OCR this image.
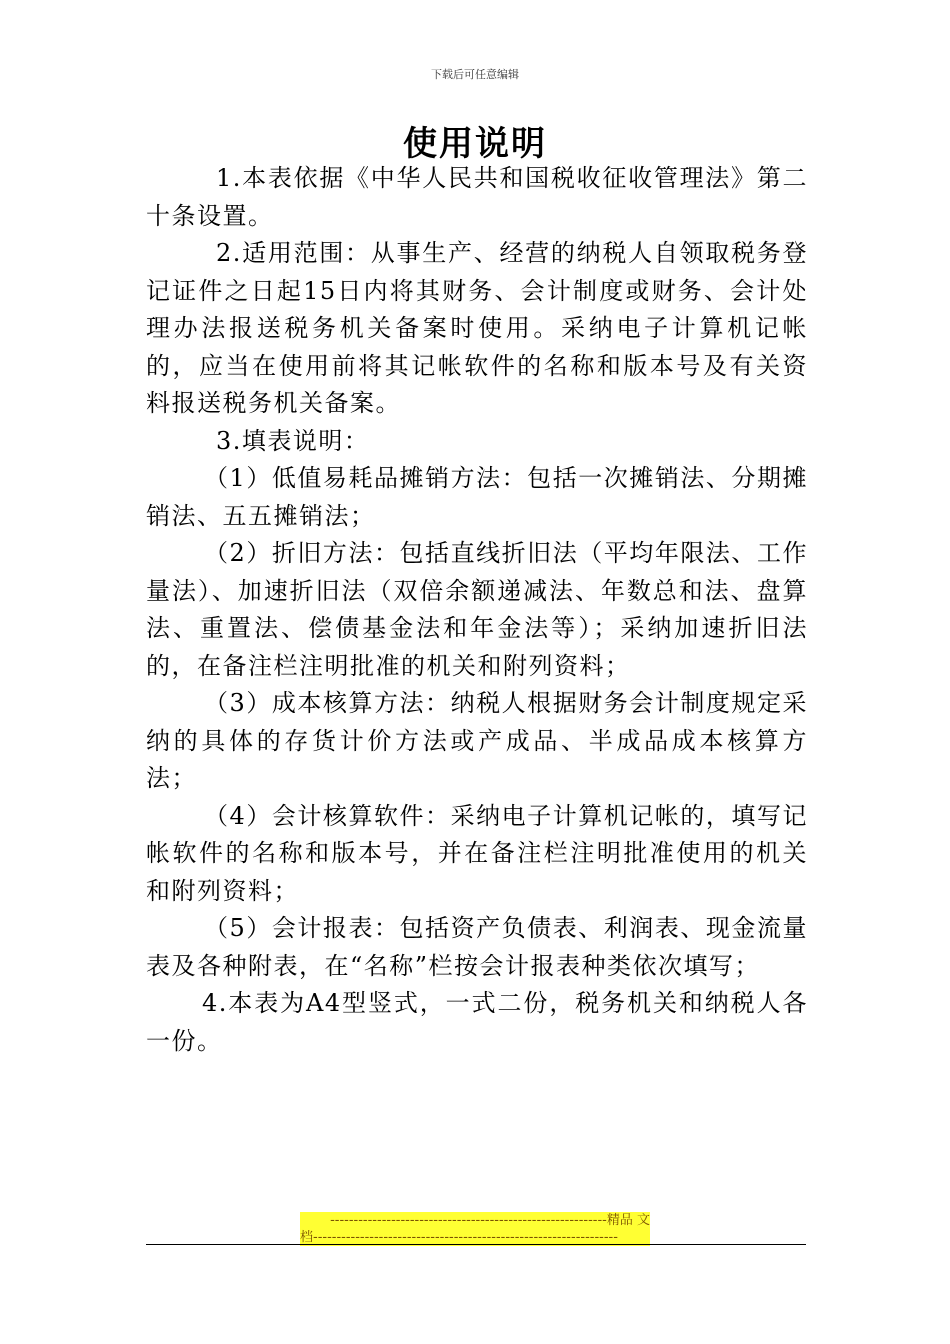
下载后可任意编辑
使用说明

1.本表依据《中华人民共和国税收征收管理法》第二十条设置。

2.适用范围：从事生产、经营的纳税人自领取税务登记证件之日起15日内将其财务、会计制度或财务、会计处理办法报送税务机关备案时使用。采纳电子计算机记帐的，应当在使用前将其记帐软件的名称和版本号及有关资料报送税务机关备案。

3.填表说明：

（1）低值易耗品摊销方法：包括一次摊销法、分期摊销法、五五摊销法；

（2）折旧方法：包括直线折旧法（平均年限法、工作量法）、加速折旧法（双倍余额递减法、年数总和法、盘算法、重置法、偿债基金法和年金法等）；采纳加速折旧法的，在备注栏注明批准的机关和附列资料；

（3）成本核算方法：纳税人根据财务会计制度规定采纳的具体的存货计价方法或产成品、半成品成本核算方法；

（4）会计核算软件：采纳电子计算机记帐的，填写记帐软件的名称和版本号，并在备注栏注明批准使用的机关和附列资料；

（5）会计报表：包括资产负债表、利润表、现金流量表及各种附表，在“名称”栏按会计报表种类依次填写；

4.本表为A4型竖式，一式二份，税务机关和纳税人各一份。

-----------------------------------------------------------精品 文
档-----------------------------------------------------------------
